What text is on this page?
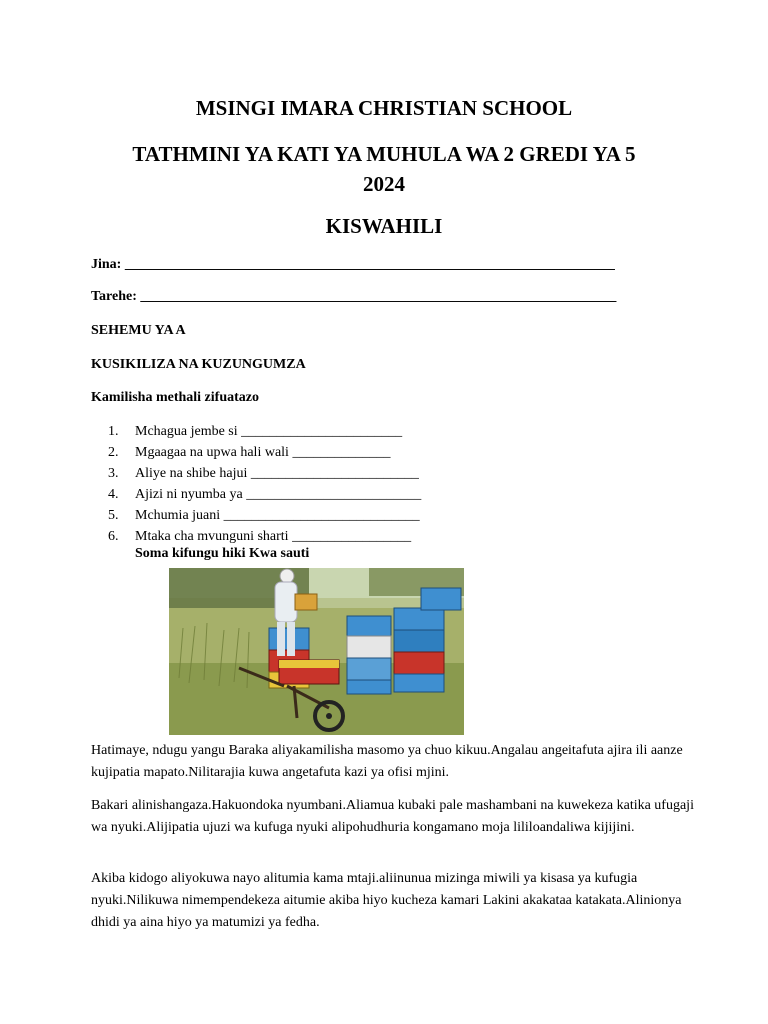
MSINGI IMARA CHRISTIAN SCHOOL
TATHMINI YA KATI YA MUHULA WA 2 GREDI YA 5
2024
KISWAHILI

Jina: ______________________________________________________________________

Tarehe: ____________________________________________________________________

SEHEMU YA A

KUSIKILIZA NA KUZUNGUMZA

Kamilisha methali zifuatazo

1. Mchagua jembe si _______________________
2. Mgaagaa na upwa hali wali ______________
3. Aliye na shibe hajui ________________________
4. Ajizi ni nyumba ya _________________________
5. Mchumia juani ____________________________
6. Mtaka cha mvunguni sharti _________________

Soma kifungu hiki Kwa sauti

Hatimaye, ndugu yangu Baraka aliyakamilisha masomo ya chuo kikuu.Angalau angeitafuta ajira ili aanze kujipatia mapato.Nilitarajia kuwa angetafuta kazi ya ofisi mjini.

Bakari alinishangaza.Hakuondoka nyumbani.Aliamua kubaki pale mashambani na kuwekeza katika ufugaji wa nyuki.Alijipatia ujuzi wa kufuga nyuki alipohudhuria kongamano moja lililoandaliwa kijijini.

Akiba kidogo aliyokuwa nayo alitumia kama mtaji.aliinunua mizinga miwili ya kisasa ya kufugia nyuki.Nilikuwa nimempendekeza aitumie akiba hiyo kucheza kamari Lakini akakataa katakata.Alinionya dhidi ya aina hiyo ya matumizi ya fedha.
